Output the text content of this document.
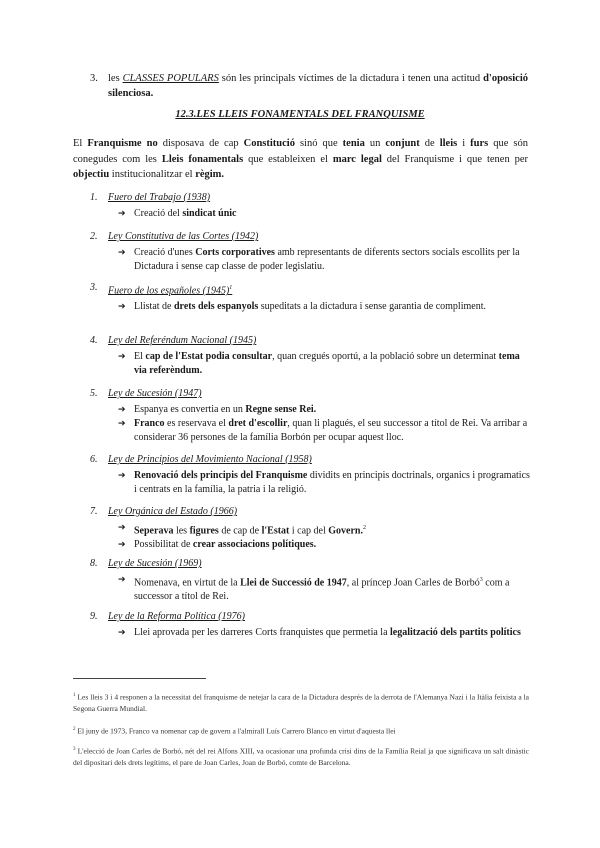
3. les CLASSES POPULARS són les principals víctimes de la dictadura i tenen una actitud d'oposició silenciosa.
12.3.LES LLEIS FONAMENTALS DEL FRANQUISME
El Franquisme no disposava de cap Constitució sinó que tenia un conjunt de lleis i furs que són conegudes com les Lleis fonamentals que estableixen el marc legal del Franquisme i que tenen per objectiu institucionalitzar el règim.
1. Fuero del Trabajo (1938)
➔ Creació del sindicat únic
2. Ley Constitutiva de las Cortes (1942)
➔ Creació d'unes Corts corporatives amb representants de diferents sectors socials escollits per la Dictadura i sense cap classe de poder legislatiu.
3. Fuero de los españoles $(1945)^1$
➔ Llistat de drets dels espanyols supeditats a la dictadura i sense garantia de compliment.
4. Ley del Referéndum Nacional (1945)
➔ El cap de l'Estat podia consultar, quan cregués oportú, a la població sobre un determinat tema via referèndum.
5. Ley de Sucesión (1947)
➔ Espanya es convertia en un Regne sense Rei.
➔ Franco es reservava el dret d'escollir, quan li plagués, el seu successor a títol de Rei. Va arribar a considerar 36 persones de la família Borbón per ocupar aquest lloc.
6. Ley de Principios del Movimiento Nacional (1958)
➔ Renovació dels principis del Franquisme dividits en principis doctrinals, organics i programatics i centrats en la família, la patria i la religió.
7. Ley Orgánica del Estado (1966)
➔ Seperava les figures de cap de l'Estat i cap del Govern.$^2$
➔ Possibilitat de crear associacions polítiques.
8. Ley de Sucesión (1969)
➔ Nomenava, en virtut de la Llei de Successió de 1947, al príncep Joan Carles de Borbó$^3$ com a successor a títol de Rei.
9. Ley de la Reforma Política (1976)
➔ Llei aprovada per les darreres Corts franquistes que permetia la legalització dels partits polítics
$^1$ Les lleis 3 i 4 responen a la necessitat del franquisme de netejar la cara de la Dictadura després de la derrota de l'Alemanya Nazi i la Itàlia feixista a la Segona Guerra Mundial.
$^2$ El juny de 1973, Franco va nomenar cap de govern a l'almirall Luís Carrero Blanco en virtut d'aquesta llei
$^3$ L'elecció de Joan Carles de Borbó, nét del rei Alfons XIII, va ocasionar una profunda crisi dins de la Família Reial ja que significava un salt dinàstic del dipositari dels drets legítims, el pare de Joan Carles, Joan de Borbó, comte de Barcelona.
